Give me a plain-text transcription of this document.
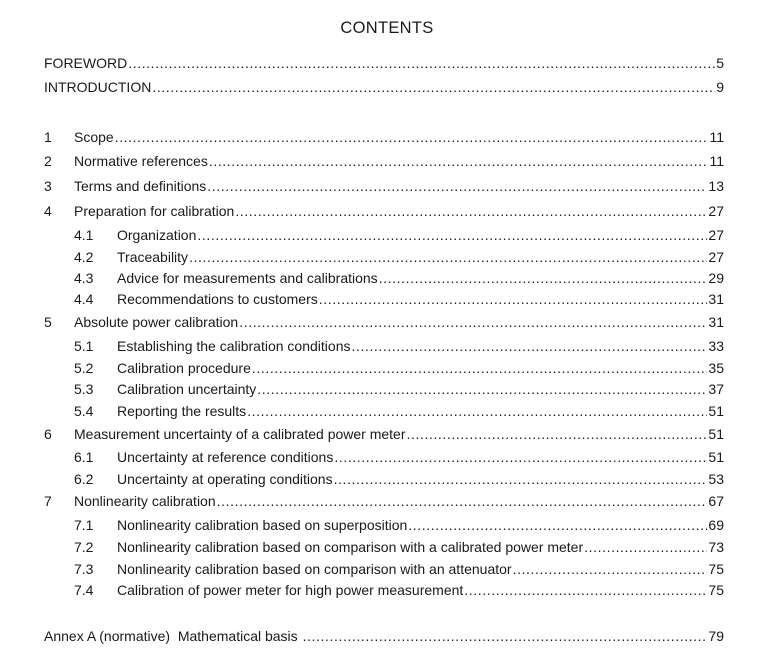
CONTENTS
FOREWORD .....	5
INTRODUCTION .....	9
1	Scope .....	11
2	Normative references .....	11
3	Terms and definitions .....	13
4	Preparation for calibration .....	27
4.1	Organization .....	27
4.2	Traceability .....	27
4.3	Advice for measurements and calibrations .....	29
4.4	Recommendations to customers .....	31
5	Absolute power calibration .....	31
5.1	Establishing the calibration conditions .....	33
5.2	Calibration procedure .....	35
5.3	Calibration uncertainty .....	37
5.4	Reporting the results .....	51
6	Measurement uncertainty of a calibrated power meter .....	51
6.1	Uncertainty at reference conditions .....	51
6.2	Uncertainty at operating conditions .....	53
7	Nonlinearity calibration .....	67
7.1	Nonlinearity calibration based on superposition .....	69
7.2	Nonlinearity calibration based on comparison with a calibrated power meter .....	73
7.3	Nonlinearity calibration based on comparison with an attenuator .....	75
7.4	Calibration of power meter for high power measurement .....	75
Annex A (normative)  Mathematical basis .....	79
